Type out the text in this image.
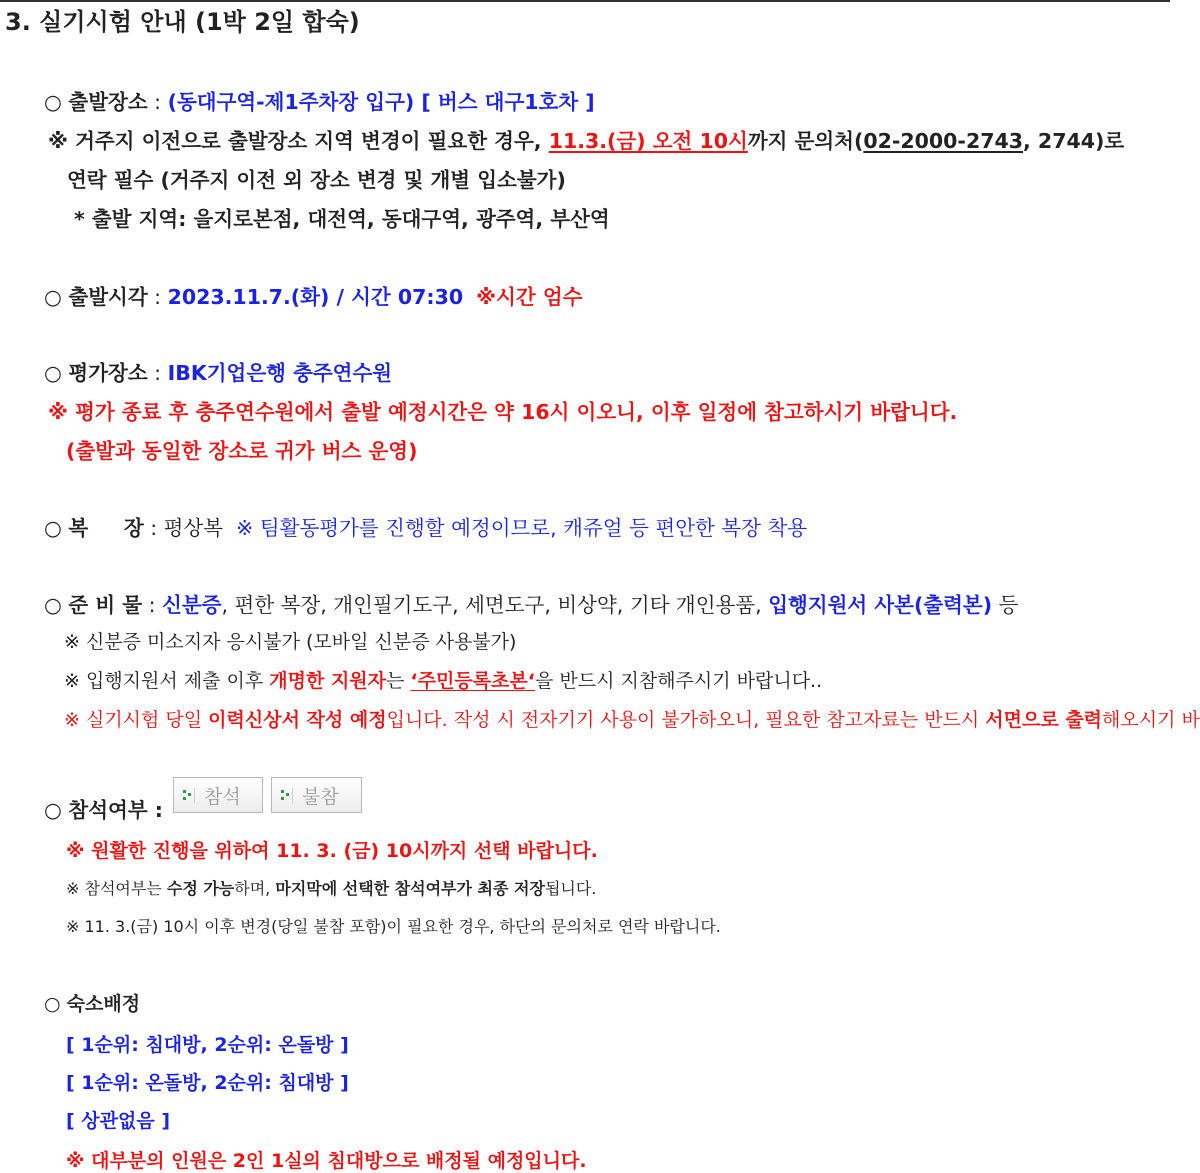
3. 실기시험 안내 (1박 2일 합숙)
○ 출발장소 : (동대구역-제1주차장 입구) [ 버스 대구1호차 ]
※ 거주지 이전으로 출발장소 지역 변경이 필요한 경우, 11.3.(금) 오전 10시까지 문의처(02-2000-2743, 2744)로
연락 필수 (거주지 이전 외 장소 변경 및 개별 입소불가)
* 출발 지역: 을지로본점, 대전역, 동대구역, 광주역, 부산역
○ 출발시각 : 2023.11.7.(화) / 시간 07:30 ※시간 엄수
○ 평가장소 : IBK기업은행 충주연수원
※ 평가 종료 후 충주연수원에서 출발 예정시간은 약 16시 이오니, 이후 일정에 참고하시기 바랍니다.
(출발과 동일한 장소로 귀가 버스 운영)
○ 복     장 : 평상복 ※ 팀활동평가를 진행할 예정이므로, 캐쥬얼 등 편안한 복장 착용
○ 준 비 물 : 신분증, 편한 복장, 개인필기도구, 세면도구, 비상약, 기타 개인용품, 입행지원서 사본(출력본) 등
※ 신분증 미소지자 응시불가 (모바일 신분증 사용불가)
※ 입행지원서 제출 이후 개명한 지원자는 ‘주민등록초본‘을 반드시 지참해주시기 바랍니다..
※ 실기시험 당일 이력신상서 작성 예정입니다. 작성 시 전자기기 사용이 불가하오니, 필요한 참고자료는 반드시 서면으로 출력해오시기 바
○ 참석여부 :
참석	불참
※ 원활한 진행을 위하여 11. 3. (금) 10시까지 선택 바랍니다.
※ 참석여부는 수정 가능하며, 마지막에 선택한 참석여부가 최종 저장됩니다.
※ 11. 3.(금) 10시 이후 변경(당일 불참 포함)이 필요한 경우, 하단의 문의처로 연락 바랍니다.
○ 숙소배정
[ 1순위: 침대방, 2순위: 온돌방 ]
[ 1순위: 온돌방, 2순위: 침대방 ]
[ 상관없음 ]
※ 대부분의 인원은 2인 1실의 침대방으로 배정될 예정입니다.
